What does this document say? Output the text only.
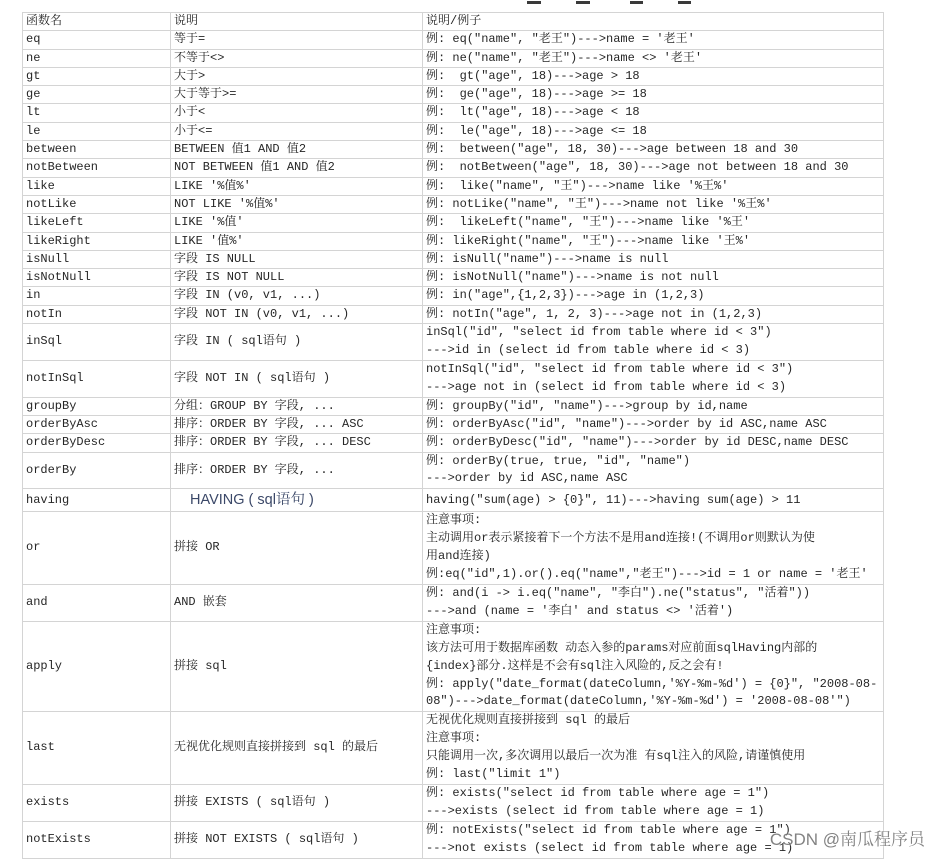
函数名	说明	说明/例子
eq	等于=	例: eq("name", "老王")--->name = '老王'

ne	不等于<>	例: ne("name", "老王")--->name <> '老王'

gt	大于>	例:  gt("age", 18)--->age > 18

ge	大于等于>=	例:  ge("age", 18)--->age >= 18

lt	小于<	例:  lt("age", 18)--->age < 18

le	小于<=	例:  le("age", 18)--->age <= 18

between	BETWEEN 值1 AND 值2	例:  between("age", 18, 30)--->age between 18 and 30

notBetween	NOT BETWEEN 值1 AND 值2	例:  notBetween("age", 18, 30)--->age not between 18 and 30

like	LIKE '%值%'	例:  like("name", "王")--->name like '%王%'

notLike	NOT LIKE '%值%'	例: notLike("name", "王")--->name not like '%王%'

likeLeft	LIKE '%值'	例:  likeLeft("name", "王")--->name like '%王'

likeRight	LIKE '值%'	例: likeRight("name", "王")--->name like '王%'

isNull	字段 IS NULL	例: isNull("name")--->name is null

isNotNull	字段 IS NOT NULL	例: isNotNull("name")--->name is not null

in	字段 IN (v0, v1, ...)	例: in("age",{1,2,3})--->age in (1,2,3)

notIn	字段 NOT IN (v0, v1, ...)	例: notIn("age", 1, 2, 3)--->age not in (1,2,3)

inSql	字段 IN ( sql语句 )	inSql("id", "select id from table where id < 3")
--->id in (select id from table where id < 3)

notInSql	字段 NOT IN ( sql语句 )	notInSql("id", "select id from table where id < 3")
--->age not in (select id from table where id < 3)

groupBy	分组：GROUP BY 字段, ...	例: groupBy("id", "name")--->group by id,name

orderByAsc	排序：ORDER BY 字段, ... ASC	例: orderByAsc("id", "name")--->order by id ASC,name ASC

orderByDesc	排序：ORDER BY 字段, ... DESC	例: orderByDesc("id", "name")--->order by id DESC,name DESC

orderBy	排序：ORDER BY 字段, ...	例: orderBy(true, true, "id", "name")
--->order by id ASC,name ASC

having	HAVING ( sql语句 )	having("sum(age) > {0}", 11)--->having sum(age) > 11

or	拼接 OR	注意事项:
主动调用or表示紧接着下一个方法不是用and连接!(不调用or则默认为使
用and连接)
例:eq("id",1).or().eq("name","老王")--->id = 1 or name = '老王'

and	AND 嵌套	例: and(i -> i.eq("name", "李白").ne("status", "活着"))
--->and (name = '李白' and status <> '活着')

apply	拼接 sql	注意事项:
该方法可用于数据库函数 动态入参的params对应前面sqlHaving内部的
{index}部分.这样是不会有sql注入风险的,反之会有!
例: apply("date_format(dateColumn,'%Y-%m-%d') = {0}", "2008-08-
08")--->date_format(dateColumn,'%Y-%m-%d') = '2008-08-08'")

last	无视优化规则直接拼接到 sql 的最后	无视优化规则直接拼接到 sql 的最后
注意事项:
只能调用一次,多次调用以最后一次为准 有sql注入的风险,请谨慎使用
例: last("limit 1")

exists	拼接 EXISTS ( sql语句 )	例: exists("select id from table where age = 1")
--->exists (select id from table where age = 1)

notExists	拼接 NOT EXISTS ( sql语句 )	例: notExists("select id from table where age = 1")
--->not exists (select id from table where age = 1)
CSDN @南瓜程序员
